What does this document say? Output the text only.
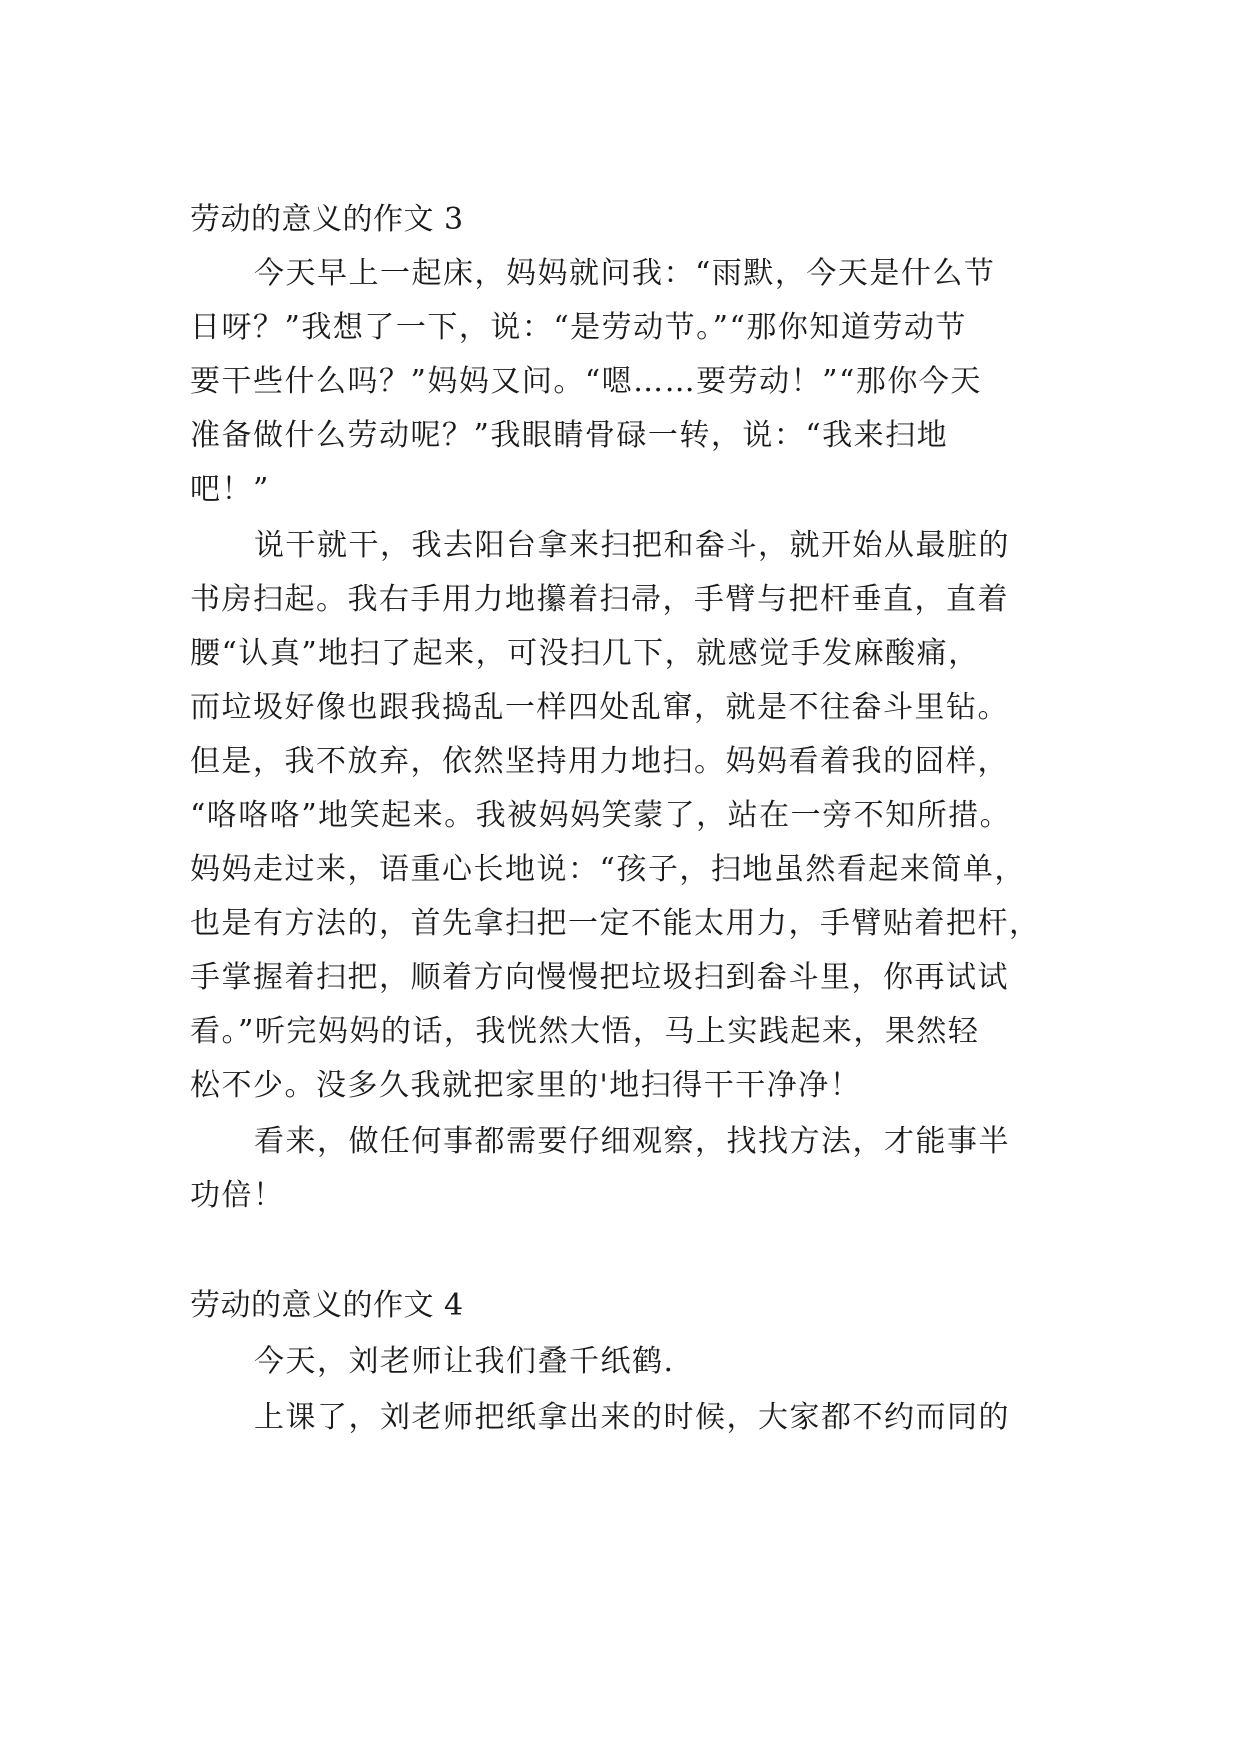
劳动的意义的作文 3
今天早上一起床，妈妈就问我：“雨默，今天是什么节
日呀？”我想了一下，说：“是劳动节。”“那你知道劳动节
要干些什么吗？”妈妈又问。“嗯……要劳动！”“那你今天
准备做什么劳动呢？”我眼睛骨碌一转，说：“我来扫地
吧！”
说干就干，我去阳台拿来扫把和畚斗，就开始从最脏的
书房扫起。我右手用力地攥着扫帚，手臂与把杆垂直，直着
腰“认真”地扫了起来，可没扫几下，就感觉手发麻酸痛，
而垃圾好像也跟我捣乱一样四处乱窜，就是不往畚斗里钻。
但是，我不放弃，依然坚持用力地扫。妈妈看着我的囧样，
“咯咯咯”地笑起来。我被妈妈笑蒙了，站在一旁不知所措。
妈妈走过来，语重心长地说：“孩子，扫地虽然看起来简单，
也是有方法的，首先拿扫把一定不能太用力，手臂贴着把杆，
手掌握着扫把，顺着方向慢慢把垃圾扫到畚斗里，你再试试
看。”听完妈妈的话，我恍然大悟，马上实践起来，果然轻
松不少。没多久我就把家里的'地扫得干干净净！
看来，做任何事都需要仔细观察，找找方法，才能事半
功倍！
劳动的意义的作文 4
今天，刘老师让我们叠千纸鹤.
上课了，刘老师把纸拿出来的时候，大家都不约而同的
